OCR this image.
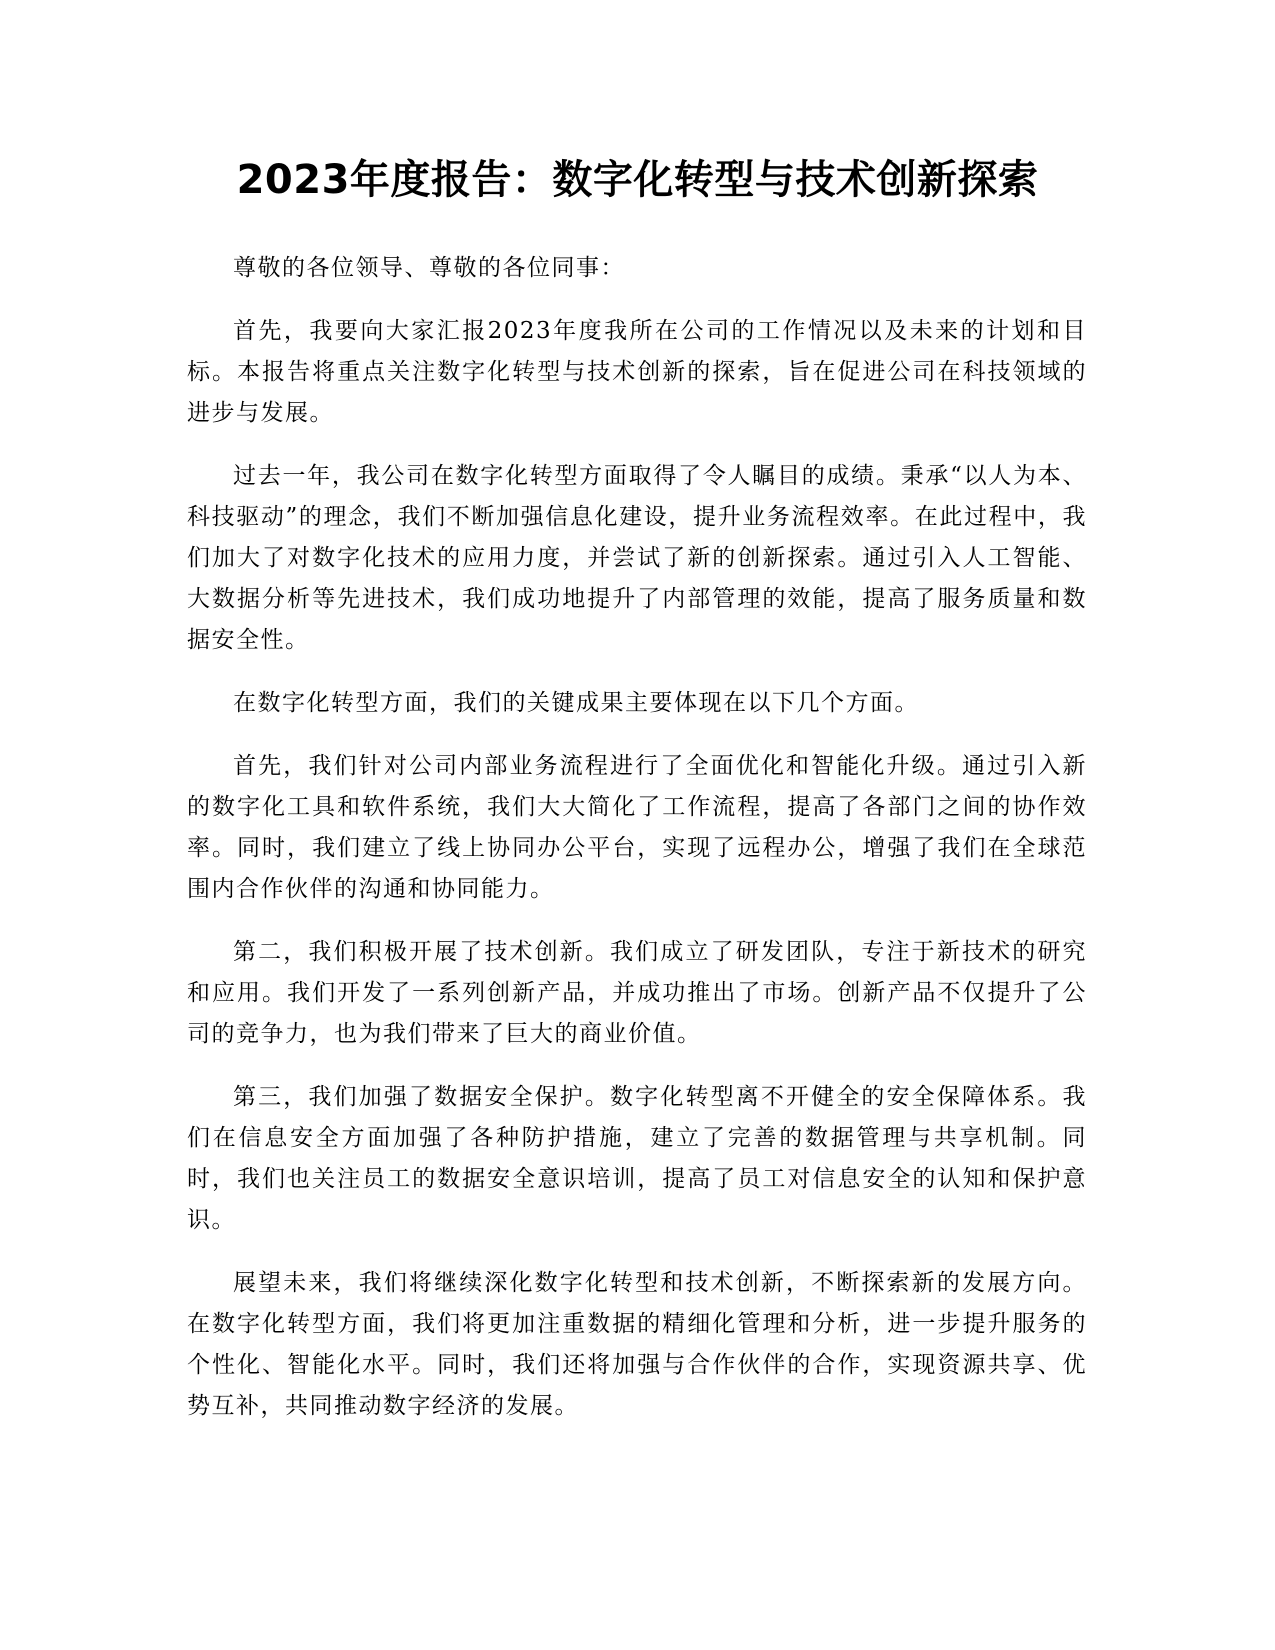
2023年度报告：数字化转型与技术创新探索

尊敬的各位领导、尊敬的各位同事：

首先，我要向大家汇报2023年度我所在公司的工作情况以及未来的计划和目标。本报告将重点关注数字化转型与技术创新的探索，旨在促进公司在科技领域的进步与发展。

过去一年，我公司在数字化转型方面取得了令人瞩目的成绩。秉承“以人为本、科技驱动”的理念，我们不断加强信息化建设，提升业务流程效率。在此过程中，我们加大了对数字化技术的应用力度，并尝试了新的创新探索。通过引入人工智能、大数据分析等先进技术，我们成功地提升了内部管理的效能，提高了服务质量和数据安全性。

在数字化转型方面，我们的关键成果主要体现在以下几个方面。

首先，我们针对公司内部业务流程进行了全面优化和智能化升级。通过引入新的数字化工具和软件系统，我们大大简化了工作流程，提高了各部门之间的协作效率。同时，我们建立了线上协同办公平台，实现了远程办公，增强了我们在全球范围内合作伙伴的沟通和协同能力。

第二，我们积极开展了技术创新。我们成立了研发团队，专注于新技术的研究和应用。我们开发了一系列创新产品，并成功推出了市场。创新产品不仅提升了公司的竞争力，也为我们带来了巨大的商业价值。

第三，我们加强了数据安全保护。数字化转型离不开健全的安全保障体系。我们在信息安全方面加强了各种防护措施，建立了完善的数据管理与共享机制。同时，我们也关注员工的数据安全意识培训，提高了员工对信息安全的认知和保护意识。

展望未来，我们将继续深化数字化转型和技术创新，不断探索新的发展方向。在数字化转型方面，我们将更加注重数据的精细化管理和分析，进一步提升服务的个性化、智能化水平。同时，我们还将加强与合作伙伴的合作，实现资源共享、优势互补，共同推动数字经济的发展。
